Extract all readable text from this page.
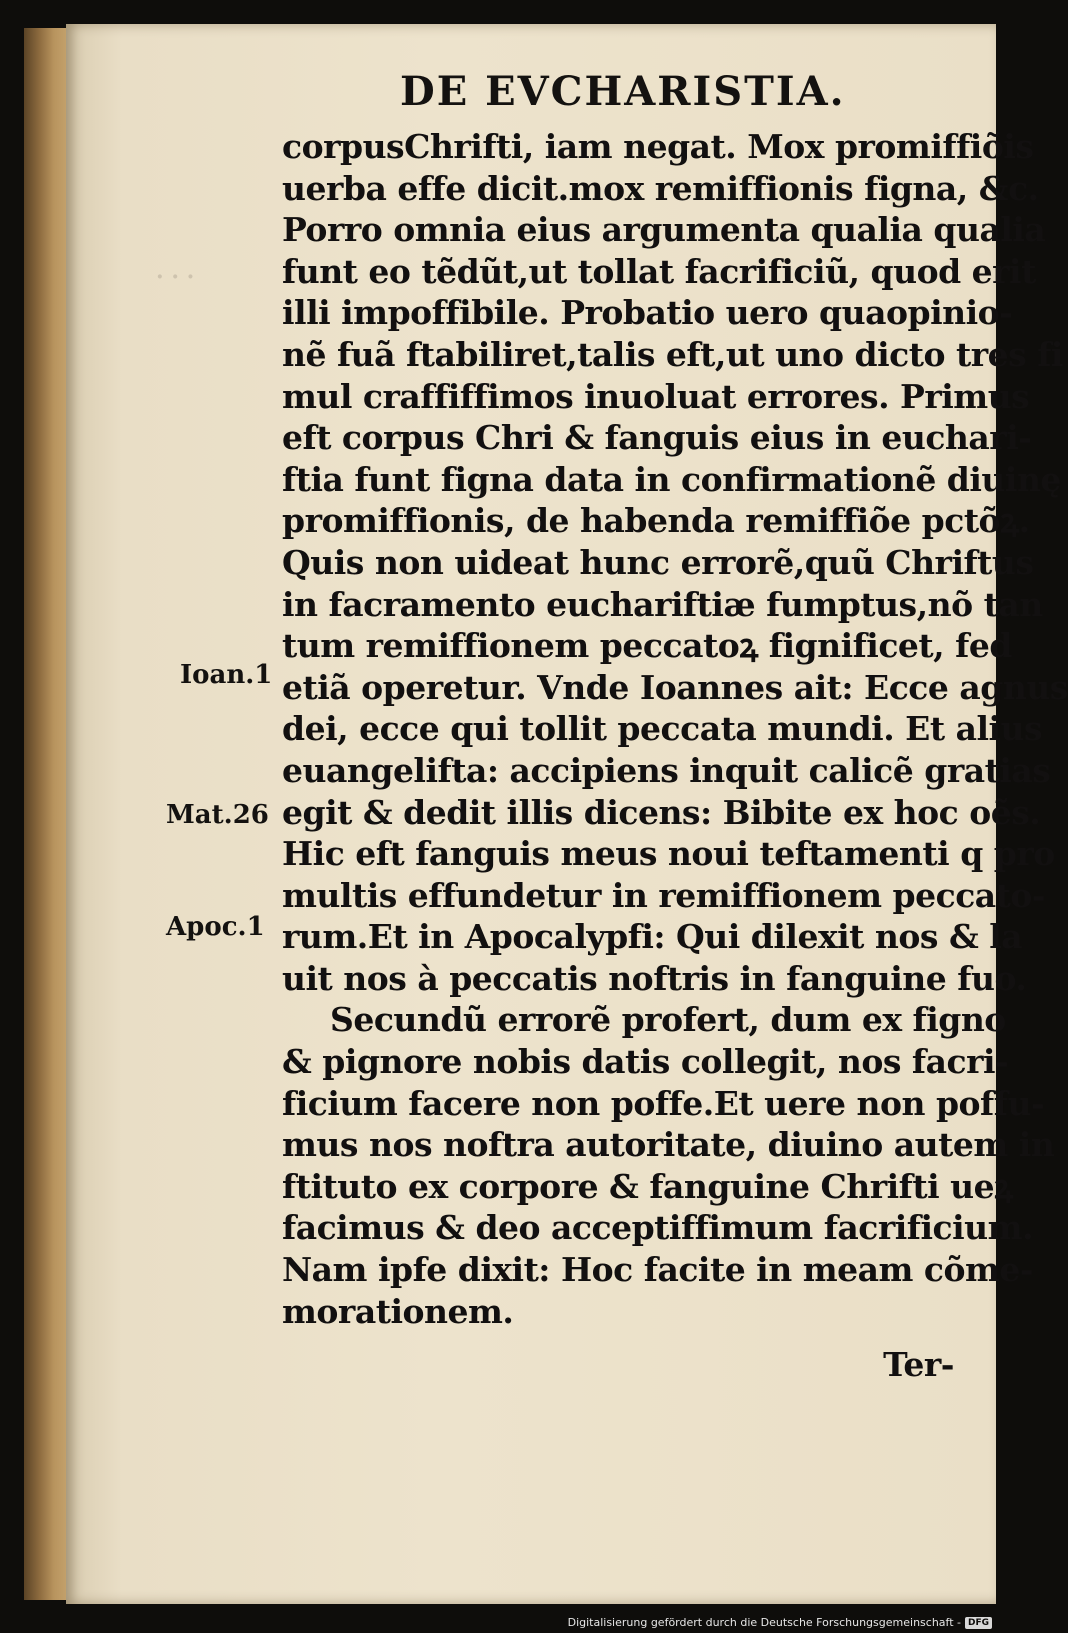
· · ·
DE EVCHARISTIA.
corpusChrifti, iam negat. Mox promiffiõis
uerba effe dicit.mox remiffionis figna, &c.
Porro omnia eius argumenta qualia qualia
funt eo tẽdũt,ut tollat facrificiũ, quod erit
illi impoffibile. Probatio uero quaopinio-
nẽ fuã ftabiliret,talis eft,ut uno dicto tres fi
mul craffiffimos inuoluat errores. Primus
eft corpus Chri & fanguis eius in euchari-
ftia funt figna data in confirmationẽ diuinę
promiffionis, de habenda remiffiõe pctõꝝ.
Quis non uideat hunc errorẽ,quũ Chriftus
in facramento euchariftiæ fumptus,nõ tan
tum remiffionem peccatoꝝ fignificet, fed
etiã operetur. Vnde Ioannes ait: Ecce agnus
dei, ecce qui tollit peccata mundi. Et alius
euangelifta: accipiens inquit calicẽ gratias
egit & dedit illis dicens: Bibite ex hoc oẽs.
Hic eft fanguis meus noui teftamenti q pro
multis effundetur in remiffionem peccato-
rum.Et in Apocalypfi: Qui dilexit nos & la
uit nos à peccatis noftris in fanguine fuo.
Secundũ errorẽ profert, dum ex figno
& pignore nobis datis collegit, nos facri-
ficium facere non poffe.Et uere non poffu-
mus nos noftra autoritate, diuino autem in
ftituto ex corpore & fanguine Chrifti ueꝝ
facimus & deo acceptiffimum facrificium.
Nam ipfe dixit: Hoc facite in meam cõme-
morationem.
Ter-
Ioan.1
Mat.26
Apoc.1
Digitalisierung gefördert durch die Deutsche Forschungsgemeinschaft - DFG
